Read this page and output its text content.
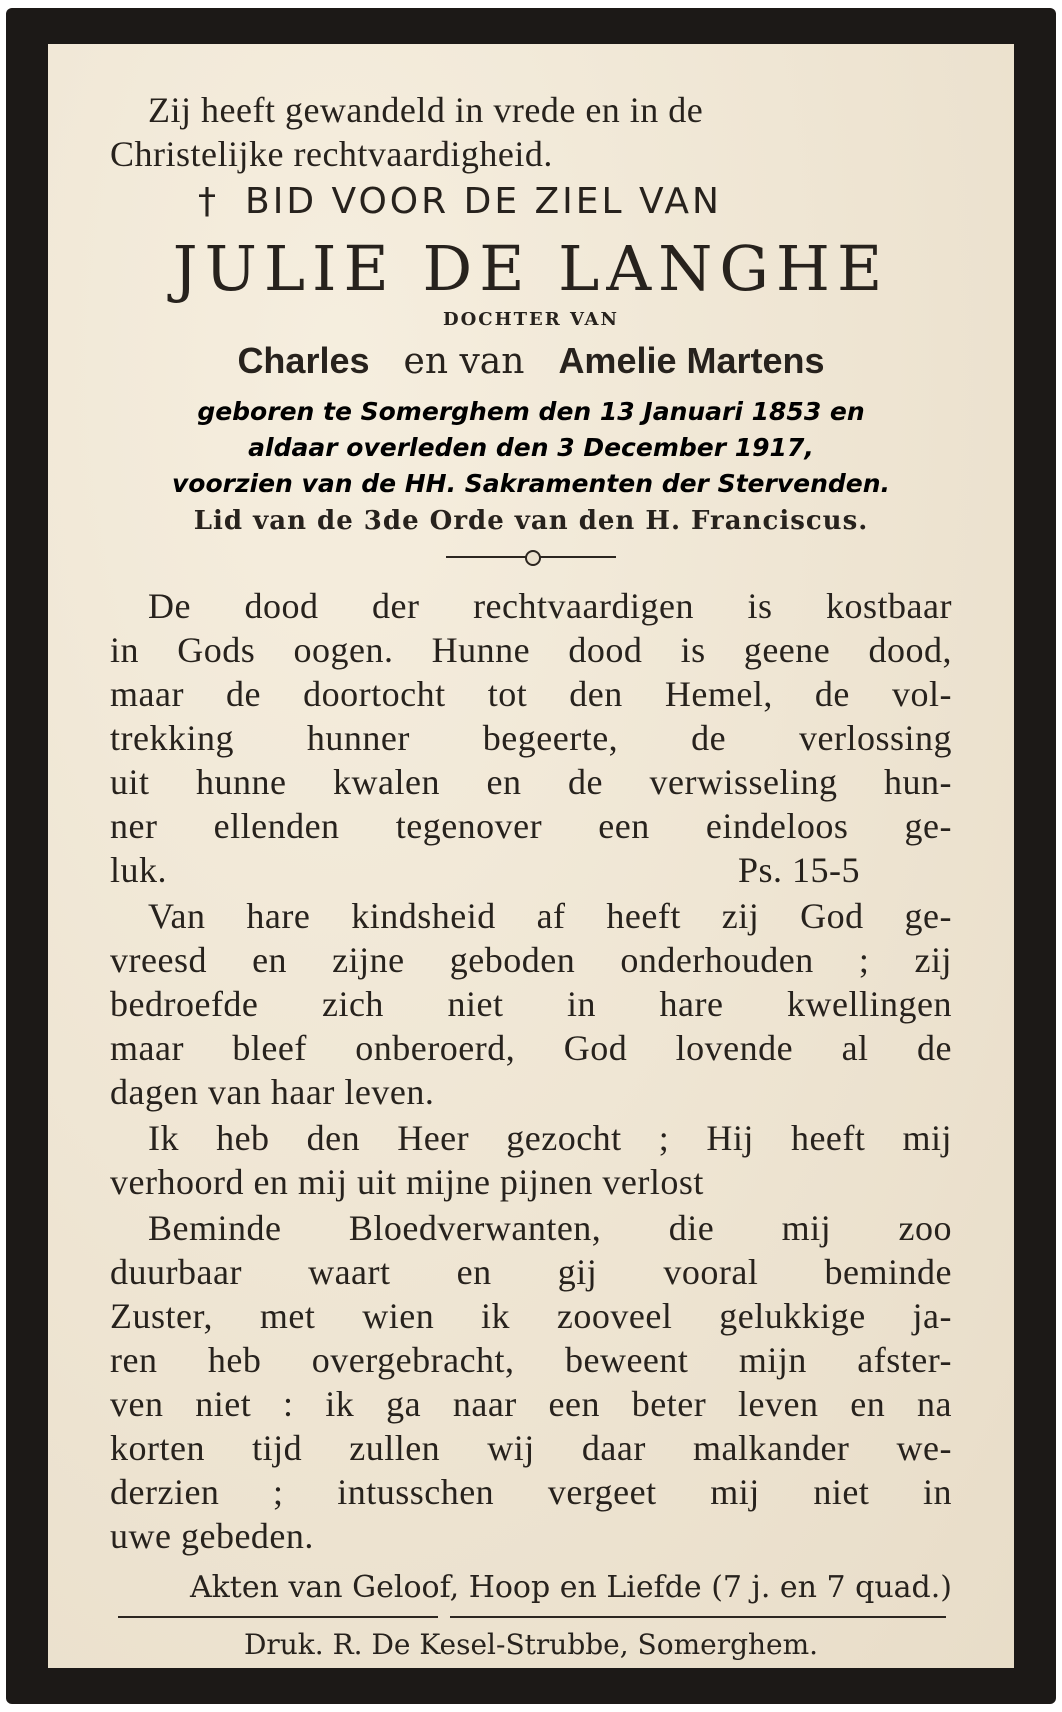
Zij heeft gewandeld in vrede en in de
Christelijke rechtvaardigheid.
† BID VOOR DE ZIEL VAN
JULIE DE LANGHE
DOCHTER VAN
Charles en van Amelie Martens
geboren te Somerghem den 13 Januari 1853 en
aldaar overleden den 3 December 1917,
voorzien van de HH. Sakramenten der Stervenden.
Lid van de 3de Orde van den H. Franciscus.
De dood der rechtvaardigen is kostbaar
in Gods oogen. Hunne dood is geene dood,
maar de doortocht tot den Hemel, de vol-
trekking hunner begeerte, de verlossing
uit hunne kwalen en de verwisseling hun-
ner ellenden tegenover een eindeloos ge-
luk.	Ps. 15-5
Van hare kindsheid af heeft zij God ge-
vreesd en zijne geboden onderhouden ; zij
bedroefde zich niet in hare kwellingen
maar bleef onberoerd, God lovende al de
dagen van haar leven.
Ik heb den Heer gezocht ; Hij heeft mij
verhoord en mij uit mijne pijnen verlost
Beminde Bloedverwanten, die mij zoo
duurbaar waart en gij vooral beminde
Zuster, met wien ik zooveel gelukkige ja-
ren heb overgebracht, beweent mijn afster-
ven niet : ik ga naar een beter leven en na
korten tijd zullen wij daar malkander we-
derzien ; intusschen vergeet mij niet in
uwe gebeden.
Akten van Geloof, Hoop en Liefde (7 j. en 7 quad.)
Druk. R. De Kesel-Strubbe, Somerghem.
